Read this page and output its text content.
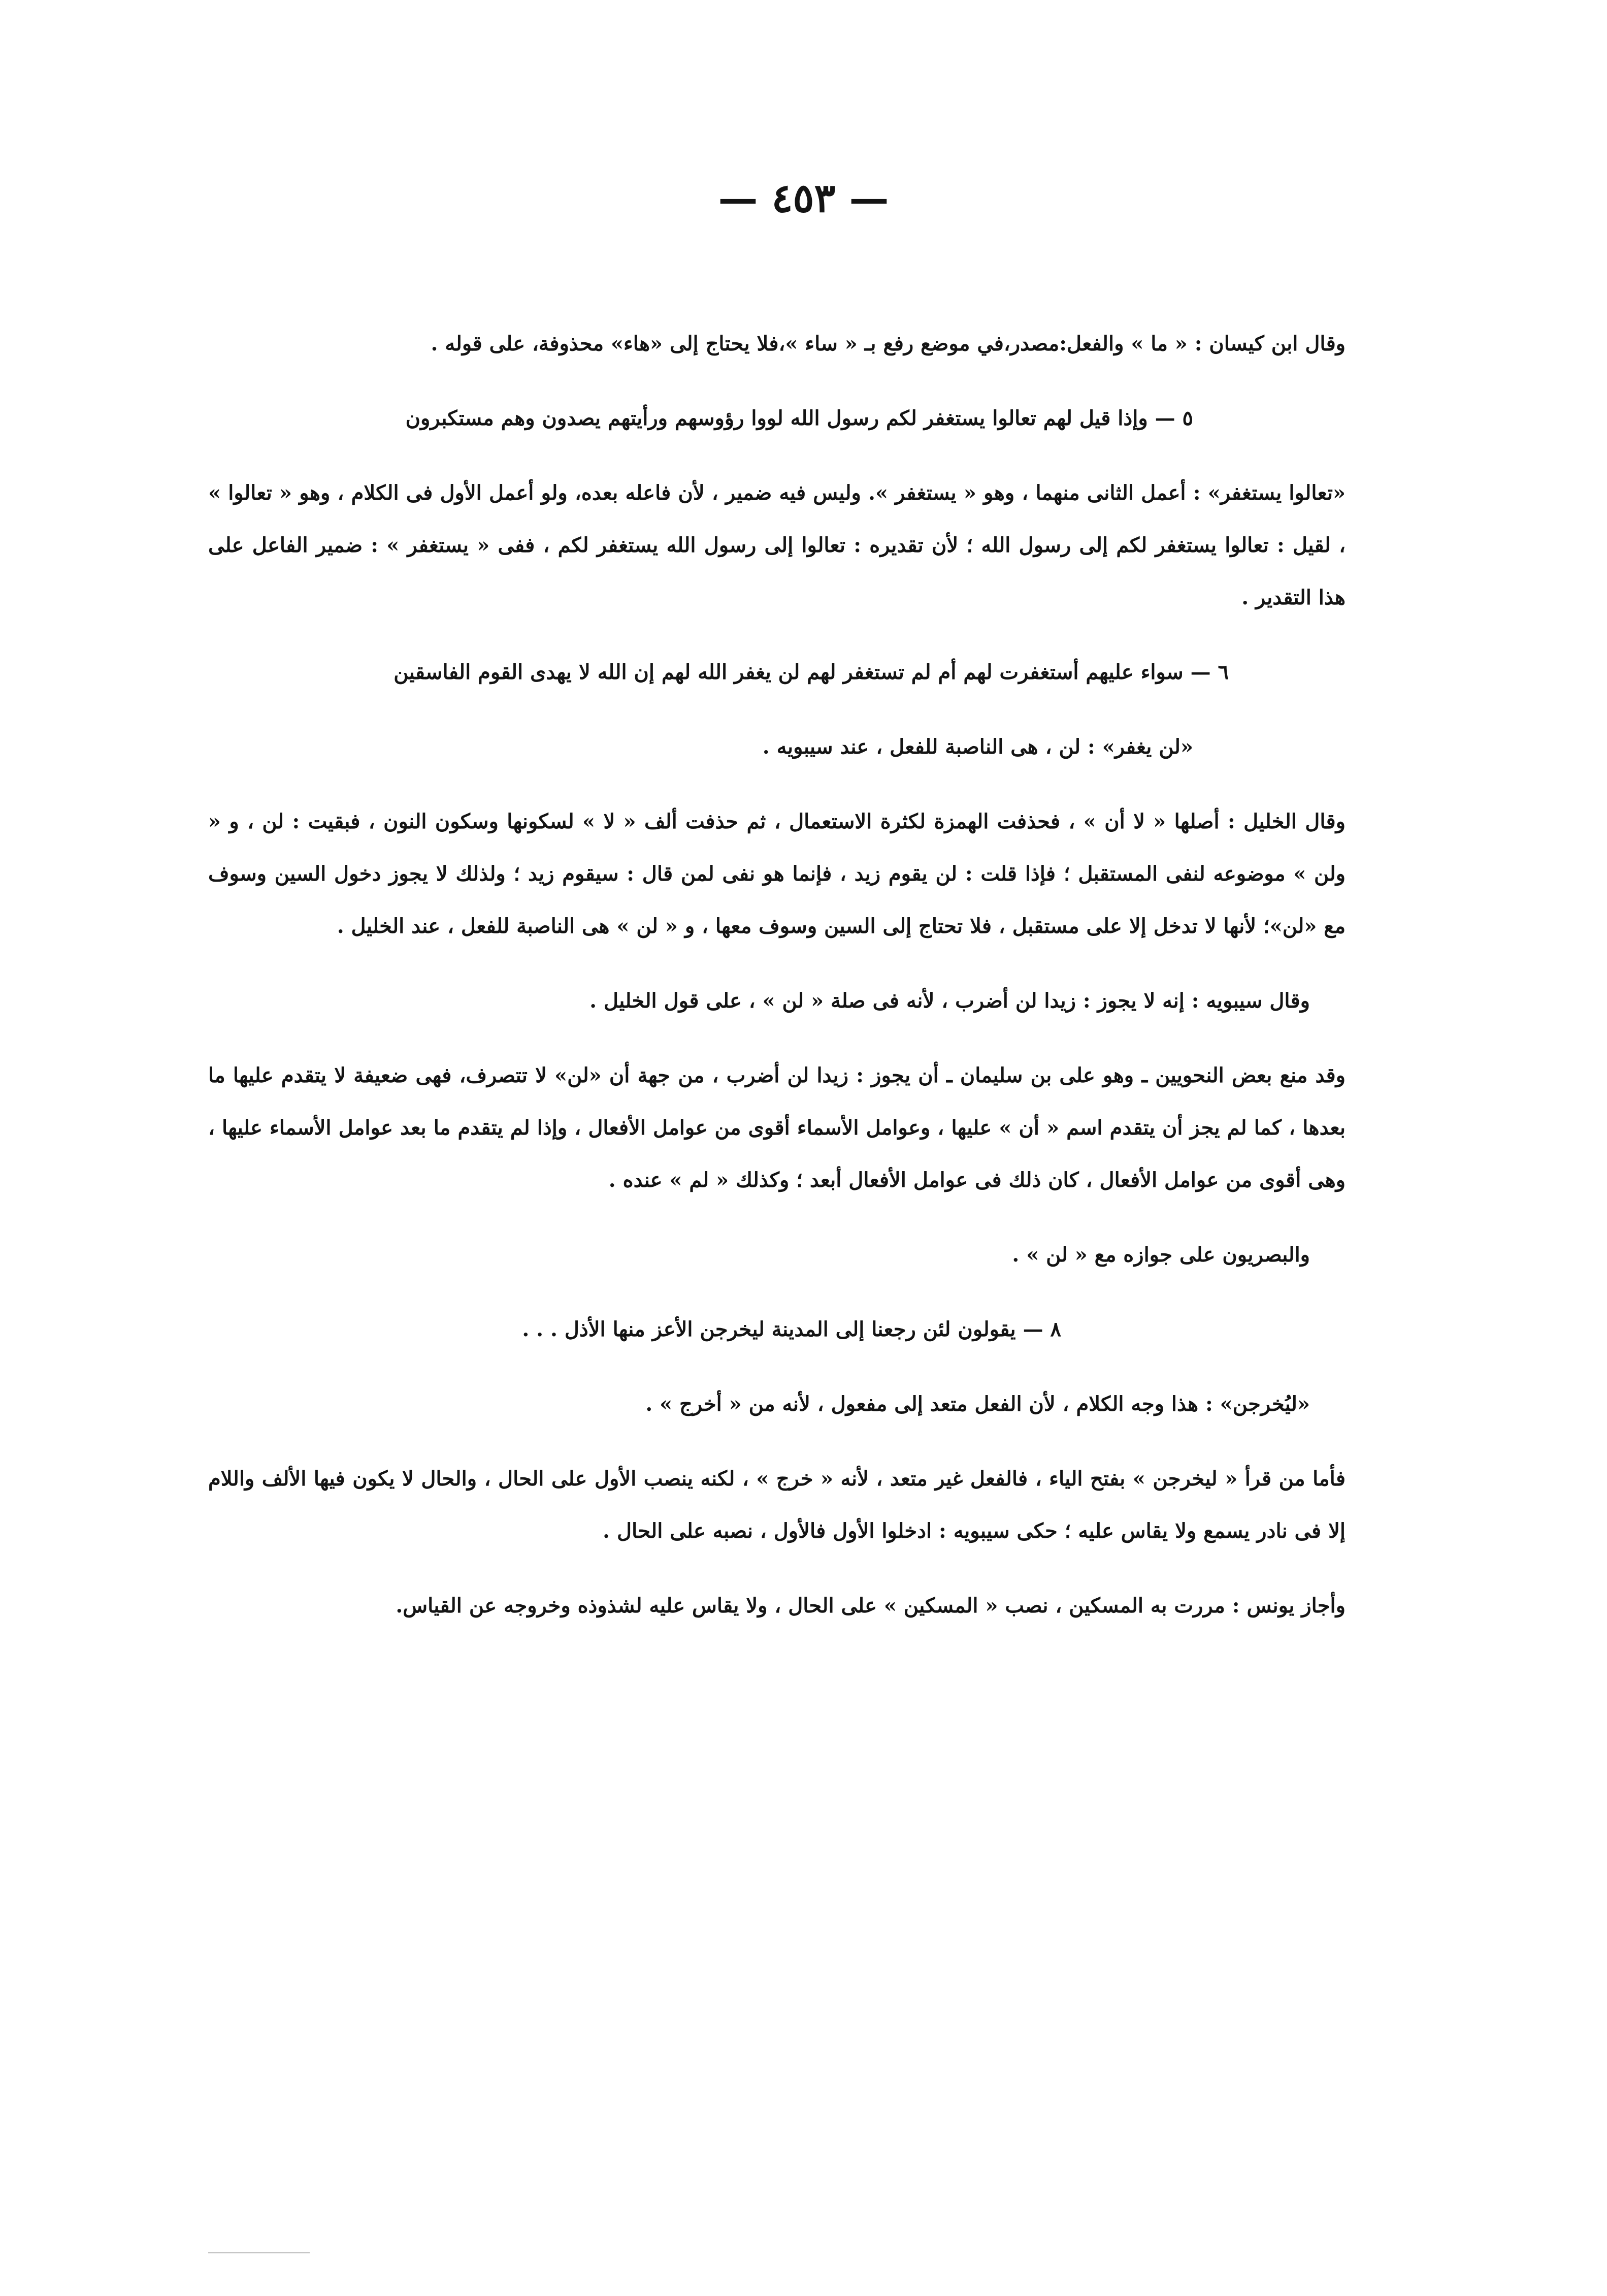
— ٤٥٣ —

وقال ابن كيسان : « ما » والفعل:مصدر،في موضع رفع بـ « ساء »،فلا يحتاج إلى «هاء» محذوفة، على قوله .

٥ — وإذا قيل لهم تعالوا يستغفر لكم رسول الله لووا رؤوسهم ورأيتهم يصدون وهم مستكبرون

«تعالوا يستغفر» : أعمل الثانى منهما ، وهو « يستغفر ». وليس فيه ضمير ، لأن فاعله بعده، ولو أعمل الأول فى الكلام ، وهو « تعالوا » ، لقيل : تعالوا يستغفر لكم إلى رسول الله ؛ لأن تقديره : تعالوا إلى رسول الله يستغفر لكم ، ففى « يستغفر » : ضمير الفاعل على هذا التقدير .

٦ — سواء عليهم أستغفرت لهم أم لم تستغفر لهم لن يغفر الله لهم إن الله لا يهدى القوم الفاسقين

«لن يغفر» : لن ، هى الناصبة للفعل ، عند سيبويه .

وقال الخليل : أصلها « لا أن » ، فحذفت الهمزة لكثرة الاستعمال ، ثم حذفت ألف « لا » لسكونها وسكون النون ، فبقيت : لن ، و « ولن » موضوعه لنفى المستقبل ؛ فإذا قلت : لن يقوم زيد ، فإنما هو نفى لمن قال : سيقوم زيد ؛ ولذلك لا يجوز دخول السين وسوف مع «لن»؛ لأنها لا تدخل إلا على مستقبل ، فلا تحتاج إلى السين وسوف معها ، و « لن » هى الناصبة للفعل ، عند الخليل .

وقال سيبويه : إنه لا يجوز : زيدا لن أضرب ، لأنه فى صلة « لن » ، على قول الخليل .

وقد منع بعض النحويين ـ وهو على بن سليمان ـ أن يجوز : زيدا لن أضرب ، من جهة أن «لن» لا تتصرف، فهى ضعيفة لا يتقدم عليها ما بعدها ، كما لم يجز أن يتقدم اسم « أن » عليها ، وعوامل الأسماء أقوى من عوامل الأفعال ، وإذا لم يتقدم ما بعد عوامل الأسماء عليها ، وهى أقوى من عوامل الأفعال ، كان ذلك فى عوامل الأفعال أبعد ؛ وكذلك « لم » عنده .

والبصريون على جوازه مع « لن » .

٨ — يقولون لئن رجعنا إلى المدينة ليخرجن الأعز منها الأذل . . .

«ليُخرجن» : هذا وجه الكلام ، لأن الفعل متعد إلى مفعول ، لأنه من « أخرج » .

فأما من قرأ « ليخرجن » بفتح الياء ، فالفعل غير متعد ، لأنه « خرج » ، لكنه ينصب الأول على الحال ، والحال لا يكون فيها الألف واللام إلا فى نادر يسمع ولا يقاس عليه ؛ حكى سيبويه : ادخلوا الأول فالأول ، نصبه على الحال .

وأجاز يونس : مررت به المسكين ، نصب « المسكين » على الحال ، ولا يقاس عليه لشذوذه وخروجه عن القياس.
